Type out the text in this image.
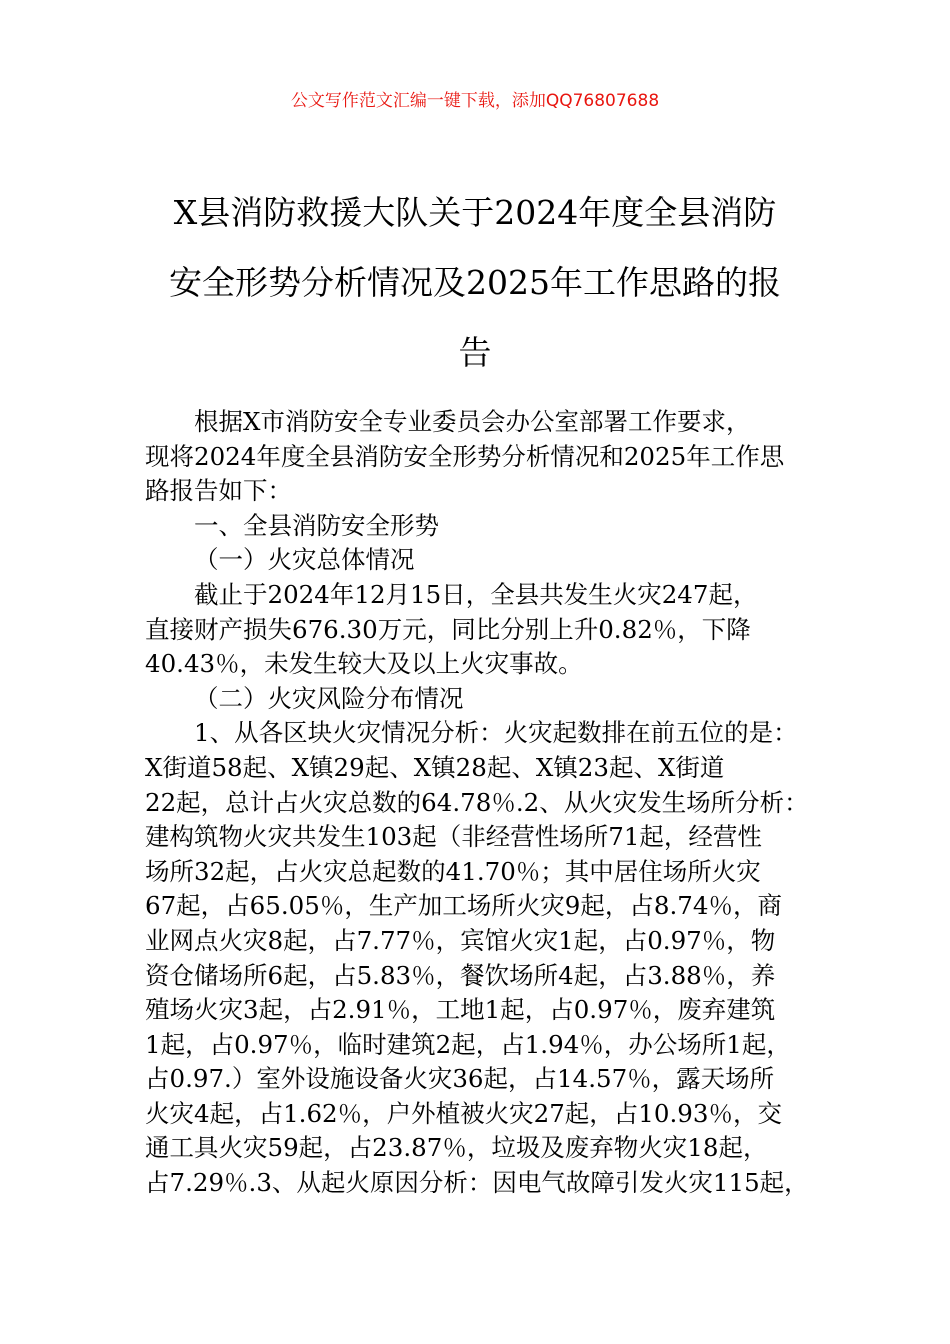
公文写作范文汇编一键下载，添加QQ76807688
X县消防救援大队关于2024年度全县消防
安全形势分析情况及2025年工作思路的报
告
根据X市消防安全专业委员会办公室部署工作要求，
现将2024年度全县消防安全形势分析情况和2025年工作思
路报告如下：
一、全县消防安全形势
（一）火灾总体情况
截止于2024年12月15日，全县共发生火灾247起，
直接财产损失676.30万元，同比分别上升0.82％，下降
40.43％，未发生较大及以上火灾事故。
（二）火灾风险分布情况
1、从各区块火灾情况分析：火灾起数排在前五位的是：
X街道58起、X镇29起、X镇28起、X镇23起、X街道
22起，总计占火灾总数的64.78％.2、从火灾发生场所分析：
建构筑物火灾共发生103起（非经营性场所71起，经营性
场所32起，占火灾总起数的41.70％；其中居住场所火灾
67起，占65.05％，生产加工场所火灾9起，占8.74％，商
业网点火灾8起，占7.77％，宾馆火灾1起，占0.97％，物
资仓储场所6起，占5.83％，餐饮场所4起，占3.88％，养
殖场火灾3起，占2.91％，工地1起，占0.97％，废弃建筑
1起，占0.97％，临时建筑2起，占1.94％，办公场所1起，
占0.97.）室外设施设备火灾36起，占14.57％，露天场所
火灾4起，占1.62％，户外植被火灾27起，占10.93％，交
通工具火灾59起，占23.87％，垃圾及废弃物火灾18起，
占7.29％.3、从起火原因分析：因电气故障引发火灾115起，
